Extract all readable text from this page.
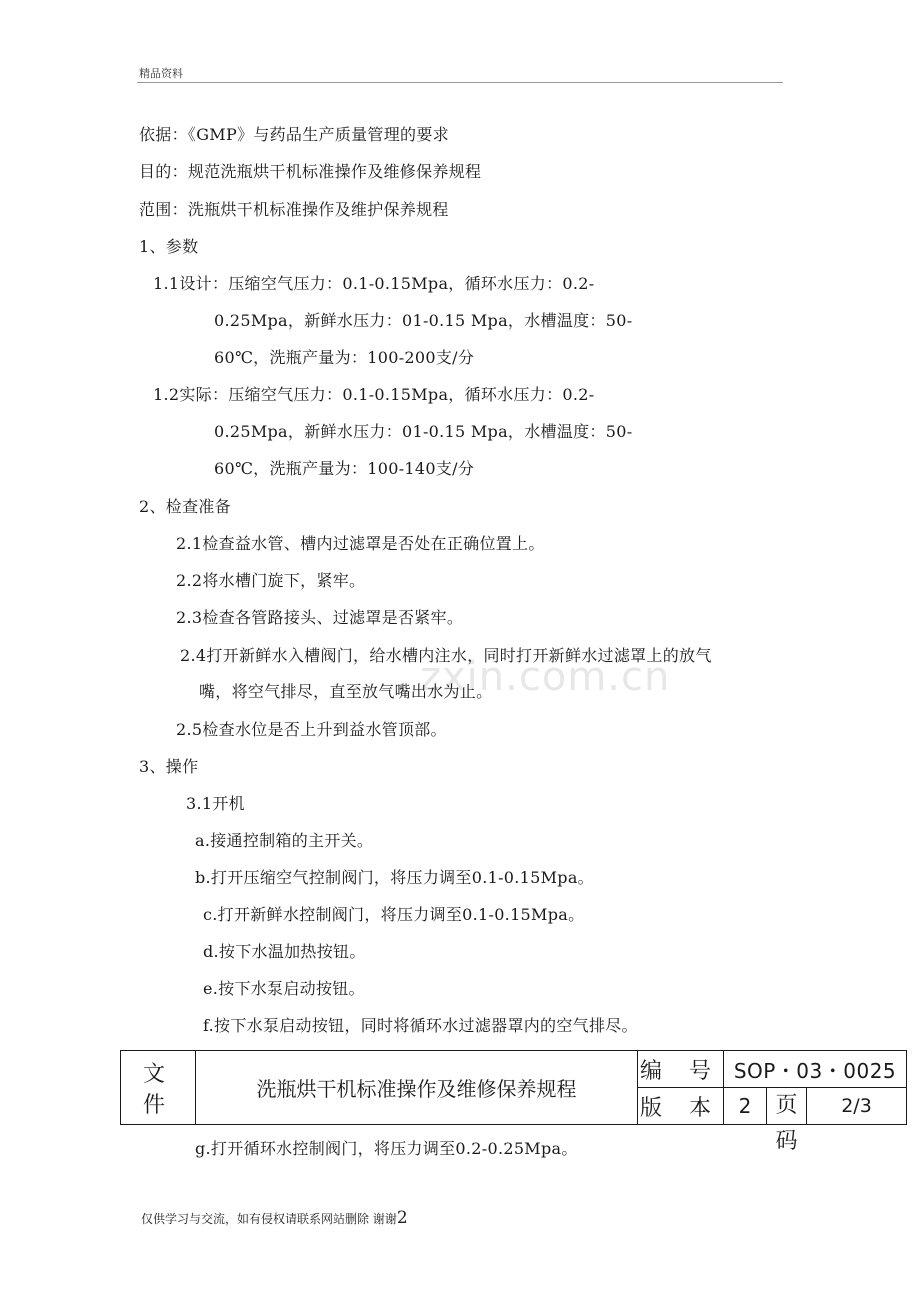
精品资料
zxin.com.cn
依据：《GMP》与药品生产质量管理的要求
目的：规范洗瓶烘干机标准操作及维修保养规程
范围：洗瓶烘干机标准操作及维护保养规程
1、参数
1.1设计：压缩空气压力：0.1-0.15Mpa，循环水压力：0.2-
0.25Mpa，新鲜水压力：01-0.15 Mpa，水槽温度：50-
60℃，洗瓶产量为：100-200支/分
1.2实际：压缩空气压力：0.1-0.15Mpa，循环水压力：0.2-
0.25Mpa，新鲜水压力：01-0.15 Mpa，水槽温度：50-
60℃，洗瓶产量为：100-140支/分
2、检查准备
2.1检查益水管、槽内过滤罩是否处在正确位置上。
2.2将水槽门旋下，紧牢。
2.3检查各管路接头、过滤罩是否紧牢。
2.4打开新鲜水入槽阀门，给水槽内注水，同时打开新鲜水过滤罩上的放气
嘴，将空气排尽，直至放气嘴出水为止。
2.5检查水位是否上升到益水管顶部。
3、操作
3.1开机
a.接通控制箱的主开关。
b.打开压缩空气控制阀门，将压力调至0.1-0.15Mpa。
c.打开新鲜水控制阀门，将压力调至0.1-0.15Mpa。
d.按下水温加热按钮。
e.按下水泵启动按钮。
f.按下水泵启动按钮，同时将循环水过滤器罩内的空气排尽。
文 件	洗瓶烘干机标准操作及维修保养规程	编 号	SOP・03・0025		
		版 本	2	页 码	2/3
g.打开循环水控制阀门，将压力调至0.2-0.25Mpa。
仅供学习与交流，如有侵权请联系网站删除 谢谢2
